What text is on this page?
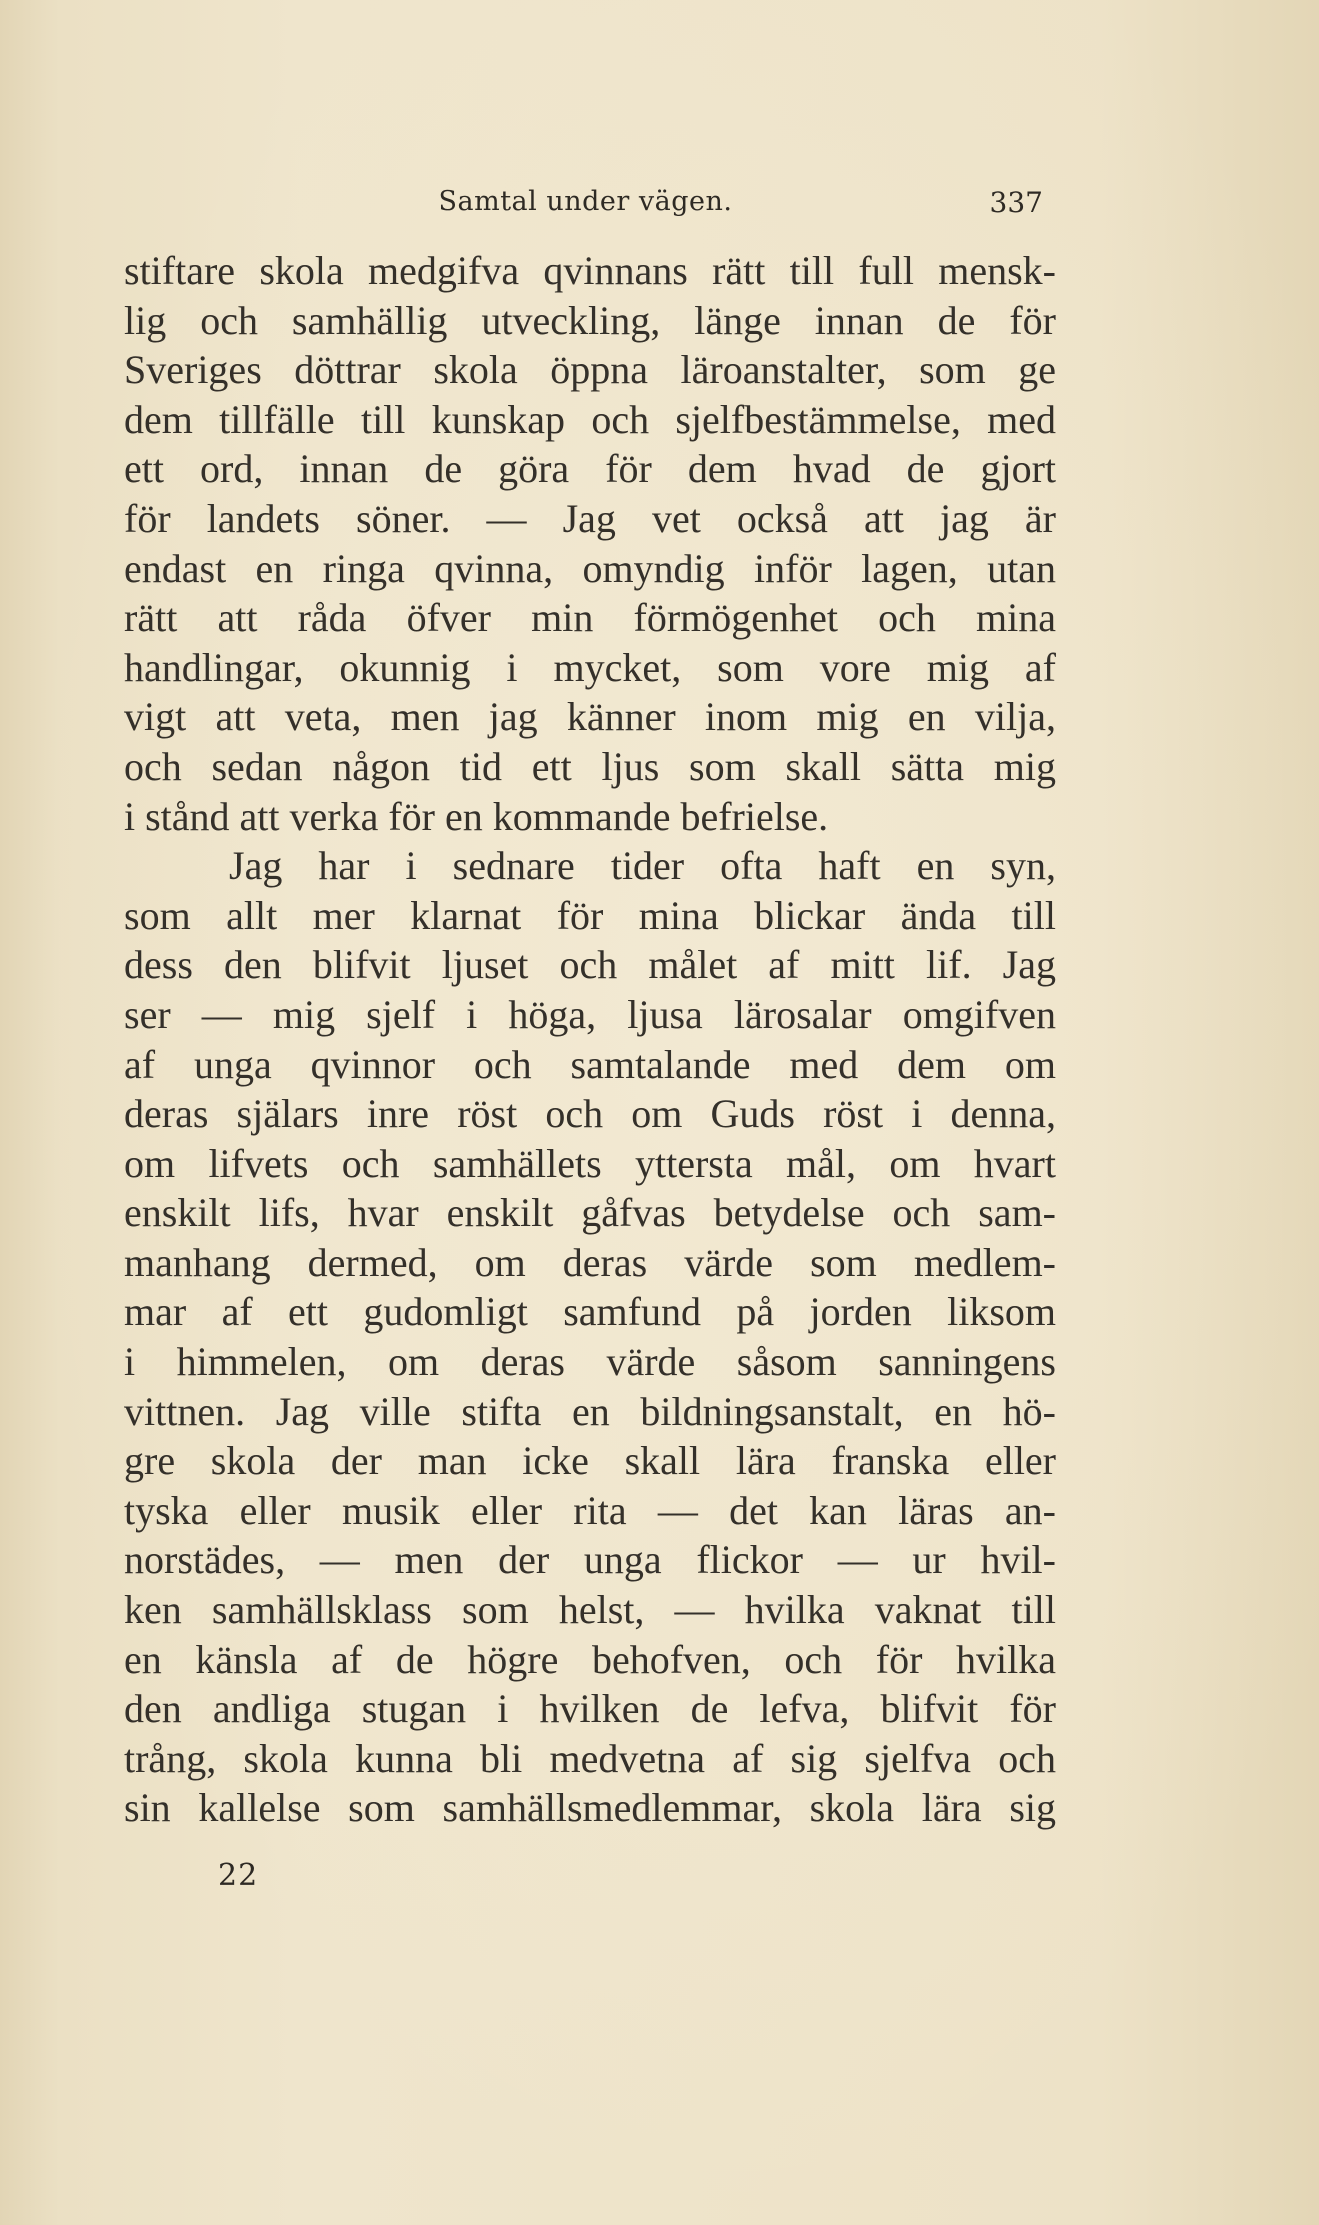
Samtal under vägen.	337
stiftare skola medgifva qvinnans rätt till full mensk-
lig och samhällig utveckling, länge innan de för
Sveriges döttrar skola öppna läroanstalter, som ge
dem tillfälle till kunskap och sjelfbestämmelse, med
ett ord, innan de göra för dem hvad de gjort
för landets söner. — Jag vet också att jag är
endast en ringa qvinna, omyndig inför lagen, utan
rätt att råda öfver min förmögenhet och mina
handlingar, okunnig i mycket, som vore mig af
vigt att veta, men jag känner inom mig en vilja,
och sedan någon tid ett ljus som skall sätta mig
i stånd att verka för en kommande befrielse.
Jag har i sednare tider ofta haft en syn,
som allt mer klarnat för mina blickar ända till
dess den blifvit ljuset och målet af mitt lif. Jag
ser — mig sjelf i höga, ljusa lärosalar omgifven
af unga qvinnor och samtalande med dem om
deras själars inre röst och om Guds röst i denna,
om lifvets och samhällets yttersta mål, om hvart
enskilt lifs, hvar enskilt gåfvas betydelse och sam-
manhang dermed, om deras värde som medlem-
mar af ett gudomligt samfund på jorden liksom
i himmelen, om deras värde såsom sanningens
vittnen. Jag ville stifta en bildningsanstalt, en hö-
gre skola der man icke skall lära franska eller
tyska eller musik eller rita — det kan läras an-
norstädes, — men der unga flickor — ur hvil-
ken samhällsklass som helst, — hvilka vaknat till
en känsla af de högre behofven, och för hvilka
den andliga stugan i hvilken de lefva, blifvit för
trång, skola kunna bli medvetna af sig sjelfva och
sin kallelse som samhällsmedlemmar, skola lära sig
22
